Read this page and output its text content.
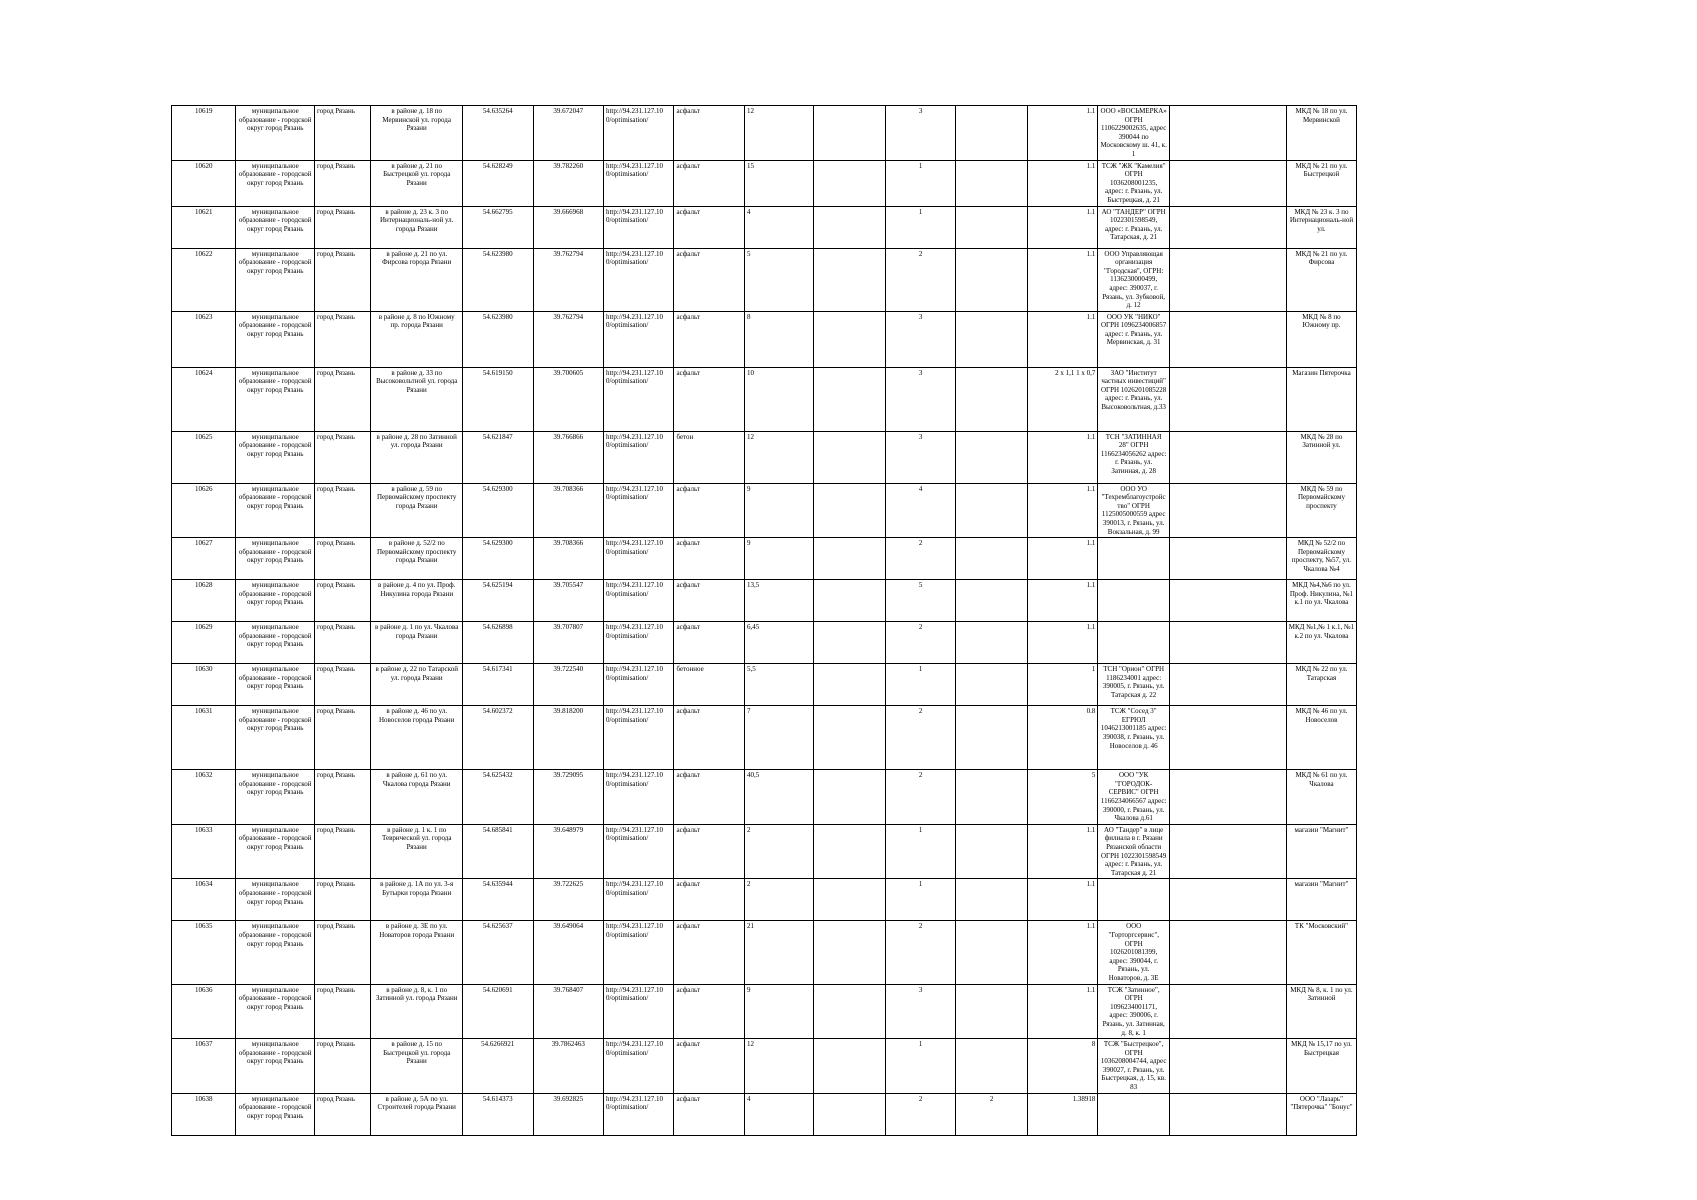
10619	муниципальное образование - городской округ город Рязань	город Рязань	в районе д. 18 по Мервинской ул. города Рязани	54.635264	39.672047	http://94.231.127.10 0/optimisation/	асфальт	12		3		1.1	ООО «ВОСЬМЕРКА» ОГРН 1106229002635, адрес 390044 по Московскому ш. 41, к. 1		МКД № 18 по ул. Мервинской
10620	муниципальное образование - городской округ город Рязань	город Рязань	в районе д. 21 по Быстрецкой ул. города Рязани	54.628249	39.782260	http://94.231.127.10 0/optimisation/	асфальт	15		1		1.1	ТСЖ "ЖК "Камелия" ОГРН 1036208001235, адрес: г. Рязань, ул. Быстрецкая, д. 21		МКД № 21 по ул. Быстрецкой
10621	муниципальное образование - городской округ город Рязань	город Рязань	в районе д. 23 к. 3 по Интернациональ-ной ул. города Рязани	54.662795	39.666968	http://94.231.127.10 0/optimisation/	асфальт	4		1		1.1	АО "ТАНДЕР" ОГРН 1022301598549, адрес: г. Рязань, ул. Татарская, д. 21		МКД № 23 к. 3 по Интернациональ-ной ул.
10622	муниципальное образование - городской округ город Рязань	город Рязань	в районе д. 21 по ул. Фирсова города Рязани	54.623980	39.762794	http://94.231.127.10 0/optimisation/	асфальт	5		2		1.1	ООО Управляющая организация "Городская", ОГРН: 1136230000499, адрес: 390037, г. Рязань, ул. Зубковой, д. 12		МКД № 21 по ул. Фирсова
10623	муниципальное образование - городской округ город Рязань	город Рязань	в районе д. 8 по Южному пр. города Рязани	54.623980	39.762794	http://94.231.127.10 0/optimisation/	асфальт	8		3		1.1	ООО УК "НИКО" ОГРН 1096234006857 адрес: г. Рязань, ул. Мервинская, д. 31		МКД № 8 по Южному пр.
10624	муниципальное образование - городской округ город Рязань	город Рязань	в районе д. 33 по Высоковольтной ул. города Рязани	54.619150	39.700605	http://94.231.127.10 0/optimisation/	асфальт	10		3		2 x 1,1 1 x 0,7	ЗАО "Институт частных инвестиций" ОГРН 1026201085228 адрес: г. Рязань, ул. Высоковольтная, д.33		Магазин Пятерочка
10625	муниципальное образование - городской округ город Рязань	город Рязань	в районе д. 28 по Затинной ул. города Рязани	54.621847	39.766866	http://94.231.127.10 0/optimisation/	бетон	12		3		1.1	ТСН "ЗАТИННАЯ 28" ОГРН 1166234056262 адрес: г. Рязань, ул. Затинная, д. 28		МКД № 28 по Затинной ул.
10626	муниципальное образование - городской округ город Рязань	город Рязань	в районе д. 59 по Первомайскому проспекту города Рязани	54.629300	39.708366	http://94.231.127.10 0/optimisation/	асфальт	9		4		1.1	ООО УО "Техремблагоустройство" ОГРН 1125005000559 адрес 390013, г. Рязань, ул. Вокзальная, д. 99		МКД № 59 по Первомайскому проспекту
10627	муниципальное образование - городской округ город Рязань	город Рязань	в районе д. 52/2 по Первомайскому проспекту города Рязани	54.629300	39.708366	http://94.231.127.10 0/optimisation/	асфальт	9		2		1.1			МКД № 52/2 по Первомайскому проспекту, №57, ул. Чкалова №4
10628	муниципальное образование - городской округ город Рязань	город Рязань	в районе д. 4 по ул. Проф. Никулина города Рязани	54.625194	39.705547	http://94.231.127.10 0/optimisation/	асфальт	13,5		5		1.1			МКД №4,№6 по ул. Проф. Никулина, №1 к.1 по ул. Чкалова
10629	муниципальное образование - городской округ город Рязань	город Рязань	в районе д. 1 по ул. Чкалова города Рязани	54.626898	39.707807	http://94.231.127.10 0/optimisation/	асфальт	6,45		2		1.1			МКД №1,№ 1 к.1, №1 к.2 по ул. Чкалова
10630	муниципальное образование - городской округ город Рязань	город Рязань	в районе д. 22 по Татарской ул. города Рязани	54.617341	39.722540	http://94.231.127.10 0/optimisation/	бетонное	5,5		1		1	ТСН "Орион" ОГРН 1186234001 адрес: 390005, г. Рязань, ул. Татарская д. 22		МКД № 22 по ул. Татарская
10631	муниципальное образование - городской округ город Рязань	город Рязань	в районе д. 46 по ул. Новоселов города Рязани	54.602372	39.818200	http://94.231.127.10 0/optimisation/	асфальт	7		2		0.8	ТСЖ "Сосед 3" ЕГРЮЛ 1046213001185 адрес: 390038, г. Рязань, ул. Новоселов д. 46		МКД № 46 по ул. Новоселов
10632	муниципальное образование - городской округ город Рязань	город Рязань	в районе д. 61 по ул. Чкалова города Рязани	54.625432	39.729095	http://94.231.127.10 0/optimisation/	асфальт	40,5		2		5	ООО "УК "ГОРОДОК-СЕРВИС" ОГРН 1166234066567 адрес: 390000, г. Рязань, ул. Чкалова д.61		МКД № 61 по ул. Чкалова
10633	муниципальное образование - городской округ город Рязань	город Рязань	в районе д. 1 к. 1 по Теврической ул. города Рязани	54.685841	39.648979	http://94.231.127.10 0/optimisation/	асфальт	2		1		1.1	АО "Тандер" в лице филиала в г. Рязани Рязанской области ОГРН 1022301598549 адрес: г. Рязань, ул. Татарская д. 21		магазин "Магнит"
10634	муниципальное образование - городской округ город Рязань	город Рязань	в районе д. 1А по ул. 3-я Бутырки города Рязани	54.635944	39.722625	http://94.231.127.10 0/optimisation/	асфальт	2		1		1.1			магазин "Магнит"
10635	муниципальное образование - городской округ город Рязань	город Рязань	в районе д. 3Е по ул. Новаторов города Рязани	54.625637	39.649064	http://94.231.127.10 0/optimisation/	асфальт	21		2		1.1	ООО "Горторгсервис", ОГРН 1026201081399, адрес: 390044, г. Рязань, ул. Новаторов, д. 3Е		ТК "Московский"
10636	муниципальное образование - городской округ город Рязань	город Рязань	в районе д. 8, к. 1 по Затинной ул. города Рязани	54.620691	39.768407	http://94.231.127.10 0/optimisation/	асфальт	9		3		1.1	ТСЖ "Затинное", ОГРН 1096234001171, адрес: 390006, г. Рязань, ул. Затинная, д. 8, к. 1		МКД № 8, к. 1 по ул. Затинной
10637	муниципальное образование - городской округ город Рязань	город Рязань	в районе д. 15 по Быстрецкой ул. города Рязани	54.6266921	39.7862463	http://94.231.127.10 0/optimisation/	асфальт	12		1		8	ТСЖ "Быстрецкое", ОГРН 1036208004744, адрес 390027, г. Рязань, ул. Быстрецкая, д. 15, кв. 83		МКД № 15,17 по ул. Быстрецкая
10638	муниципальное образование - городской округ город Рязань	город Рязань	в районе д. 5А по ул. Строителей города Рязани	54.614373	39.692825	http://94.231.127.10 0/optimisation/	асфальт	4		2	2	1.38918			ООО "Лазарь" "Пятерочка" "Бонус"
